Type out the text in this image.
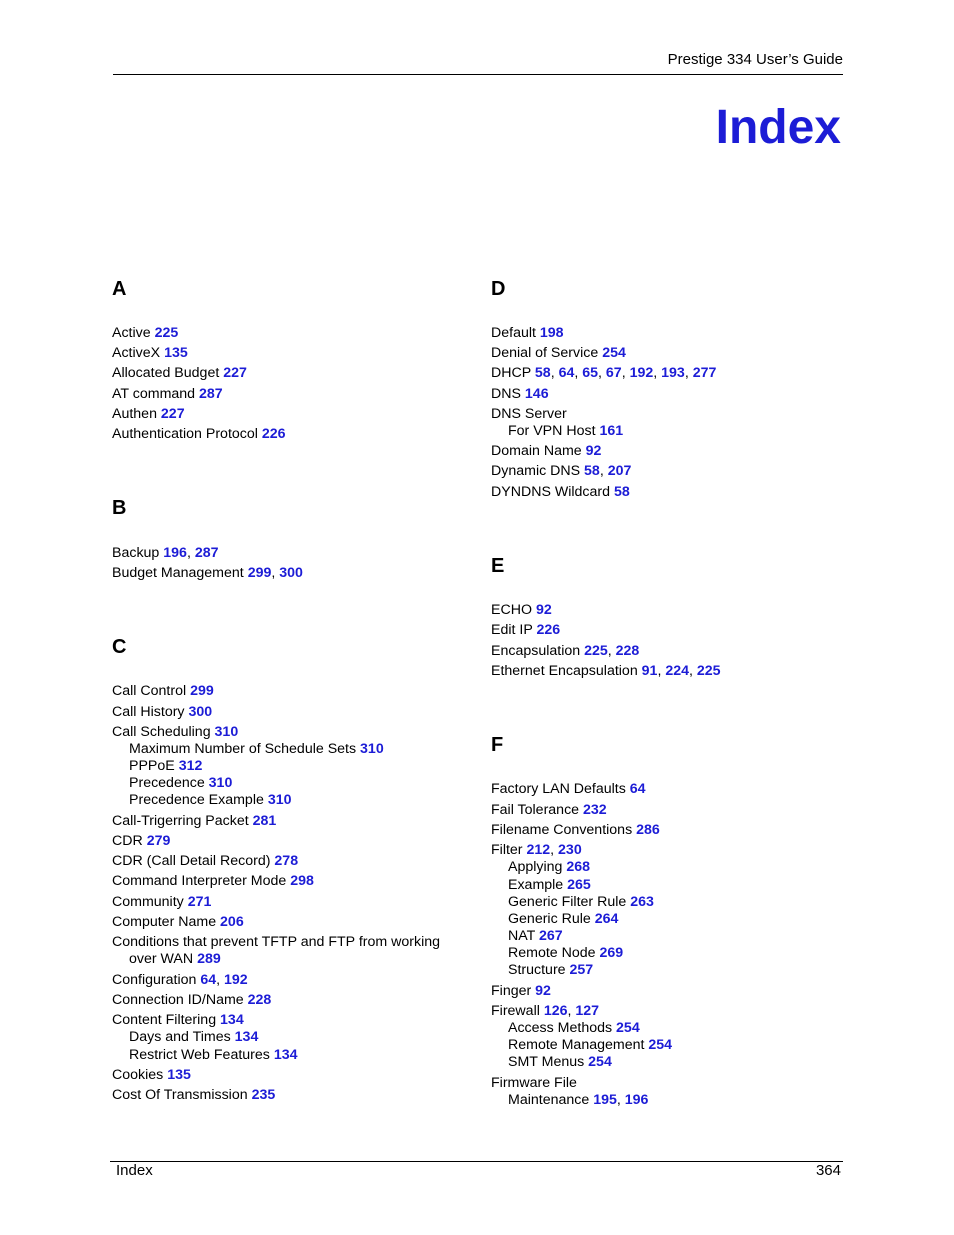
Prestige 334 User’s Guide
Index
A
Active 225
ActiveX 135
Allocated Budget 227
AT command 287
Authen 227
Authentication Protocol 226
B
Backup 196, 287
Budget Management 299, 300
C
Call Control 299
Call History 300
Call Scheduling 310
Maximum Number of Schedule Sets 310
PPPoE 312
Precedence 310
Precedence Example 310
Call-Trigerring Packet 281
CDR 279
CDR (Call Detail Record) 278
Command Interpreter Mode 298
Community 271
Computer Name 206
Conditions that prevent TFTP and FTP from working
over WAN 289
Configuration 64, 192
Connection ID/Name 228
Content Filtering 134
Days and Times 134
Restrict Web Features 134
Cookies 135
Cost Of Transmission 235
D
Default 198
Denial of Service 254
DHCP 58, 64, 65, 67, 192, 193, 277
DNS 146
DNS Server
For VPN Host 161
Domain Name 92
Dynamic DNS 58, 207
DYNDNS Wildcard 58
E
ECHO 92
Edit IP 226
Encapsulation 225, 228
Ethernet Encapsulation 91, 224, 225
F
Factory LAN Defaults 64
Fail Tolerance 232
Filename Conventions 286
Filter 212, 230
Applying 268
Example 265
Generic Filter Rule 263
Generic Rule 264
NAT 267
Remote Node 269
Structure 257
Finger 92
Firewall 126, 127
Access Methods 254
Remote Management 254
SMT Menus 254
Firmware File
Maintenance 195, 196
Index	364
